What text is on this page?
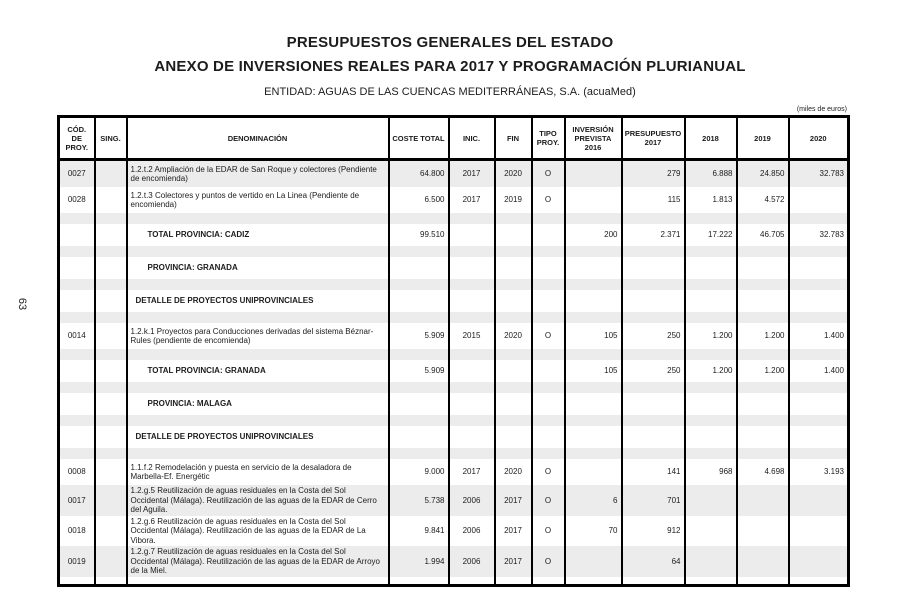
63
PRESUPUESTOS GENERALES DEL ESTADO
ANEXO DE INVERSIONES REALES PARA 2017 Y PROGRAMACIÓN PLURIANUAL
ENTIDAD: AGUAS DE LAS CUENCAS MEDITERRÁNEAS, S.A. (acuaMed)
(miles de euros)
CÓD. DE PROY.	SING.	DENOMINACIÓN	COSTE TOTAL	INIC.	FIN	TIPO PROY.	INVERSIÓN PREVISTA 2016	PRESUPUESTO 2017	2018	2019	2020
0027		1.2.t.2 Ampliación de la EDAR de San Roque y colectores (Pendiente de encomienda)	64.800	2017	2020	O		279	6.888	24.850	32.783
0028		1.2.t.3 Colectores y puntos de vertido en La Linea (Pendiente de encomienda)	6.500	2017	2019	O		115	1.813	4.572	

		TOTAL PROVINCIA: CADIZ	99.510				200	2.371	17.222	46.705	32.783

		PROVINCIA: GRANADA									

		DETALLE DE PROYECTOS UNIPROVINCIALES									

0014		1.2.k.1 Proyectos para Conducciones derivadas del sistema Béznar-Rules (pendiente de encomienda)	5.909	2015	2020	O	105	250	1.200	1.200	1.400

		TOTAL PROVINCIA: GRANADA	5.909				105	250	1.200	1.200	1.400

		PROVINCIA: MALAGA									

		DETALLE DE PROYECTOS UNIPROVINCIALES									

0008		1.1.f.2 Remodelación y puesta en servicio de la desaladora de Marbella-Ef. Energétic	9.000	2017	2020	O		141	968	4.698	3.193
0017		1.2.g.5 Reutilización de aguas residuales en la Costa del Sol Occidental (Málaga). Reutilización de las aguas de la EDAR de Cerro del Aguila.	5.738	2006	2017	O	6	701			
0018		1.2.g.6 Reutilización de aguas residuales en la Costa del Sol Occidental (Málaga). Reutilización de las aguas de la EDAR de La Vibora.	9.841	2006	2017	O	70	912			
0019		1.2.g.7 Reutilización de aguas residuales en la Costa del Sol Occidental (Málaga). Reutilización de las aguas de la EDAR de Arroyo de la Miel.	1.994	2006	2017	O		64			
